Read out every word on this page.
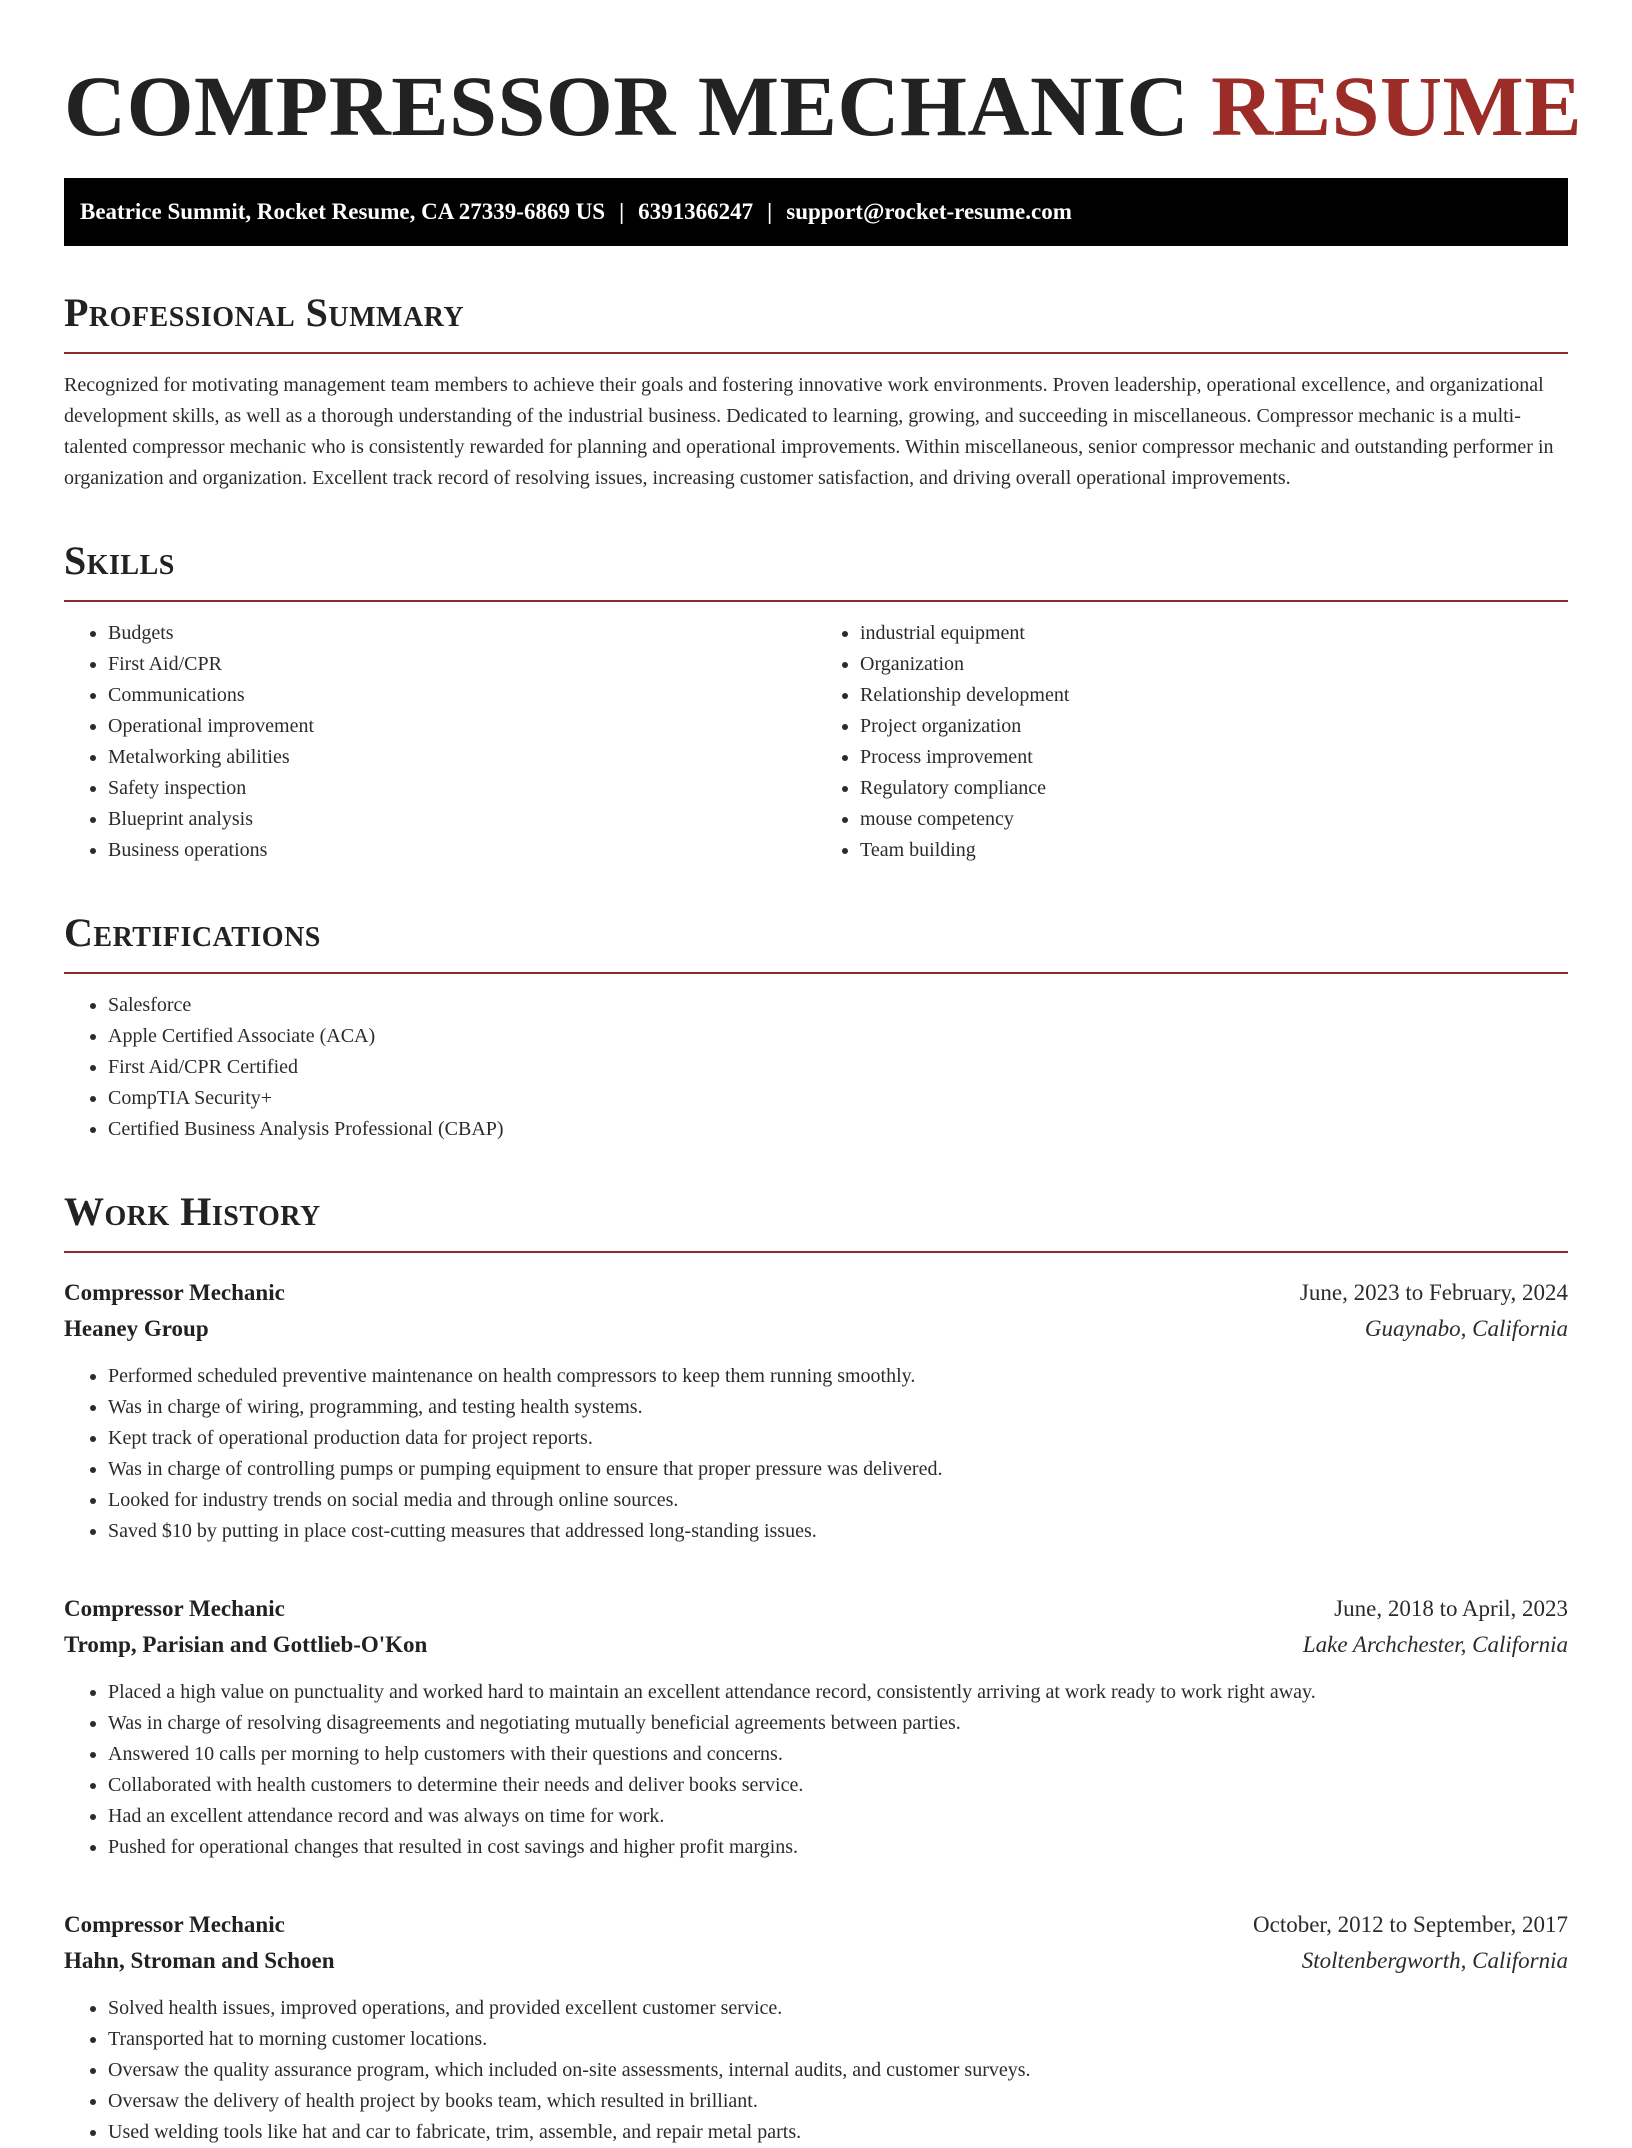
COMPRESSOR MECHANIC RESUME
Beatrice Summit, Rocket Resume, CA 27339-6869 US | 6391366247 | support@rocket-resume.com
Professional Summary

Recognized for motivating management team members to achieve their goals and fostering innovative work environments. Proven leadership, operational excellence, and organizational development skills, as well as a thorough understanding of the industrial business. Dedicated to learning, growing, and succeeding in miscellaneous. Compressor mechanic is a multi-talented compressor mechanic who is consistently rewarded for planning and operational improvements. Within miscellaneous, senior compressor mechanic and outstanding performer in organization and organization. Excellent track record of resolving issues, increasing customer satisfaction, and driving overall operational improvements.

Skills
• Budgets
• First Aid/CPR
• Communications
• Operational improvement
• Metalworking abilities
• Safety inspection
• Blueprint analysis
• Business operations
• industrial equipment
• Organization
• Relationship development
• Project organization
• Process improvement
• Regulatory compliance
• mouse competency
• Team building
Certifications
• Salesforce
• Apple Certified Associate (ACA)
• First Aid/CPR Certified
• CompTIA Security+
• Certified Business Analysis Professional (CBAP)
Work History
Compressor Mechanic	June, 2023 to February, 2024
Heaney Group	Guaynabo, California
• Performed scheduled preventive maintenance on health compressors to keep them running smoothly.
• Was in charge of wiring, programming, and testing health systems.
• Kept track of operational production data for project reports.
• Was in charge of controlling pumps or pumping equipment to ensure that proper pressure was delivered.
• Looked for industry trends on social media and through online sources.
• Saved $10 by putting in place cost-cutting measures that addressed long-standing issues.
Compressor Mechanic	June, 2018 to April, 2023
Tromp, Parisian and Gottlieb-O'Kon	Lake Archchester, California
• Placed a high value on punctuality and worked hard to maintain an excellent attendance record, consistently arriving at work ready to work right away.
• Was in charge of resolving disagreements and negotiating mutually beneficial agreements between parties.
• Answered 10 calls per morning to help customers with their questions and concerns.
• Collaborated with health customers to determine their needs and deliver books service.
• Had an excellent attendance record and was always on time for work.
• Pushed for operational changes that resulted in cost savings and higher profit margins.
Compressor Mechanic	October, 2012 to September, 2017
Hahn, Stroman and Schoen	Stoltenbergworth, California
• Solved health issues, improved operations, and provided excellent customer service.
• Transported hat to morning customer locations.
• Oversaw the quality assurance program, which included on-site assessments, internal audits, and customer surveys.
• Oversaw the delivery of health project by books team, which resulted in brilliant.
• Used welding tools like hat and car to fabricate, trim, assemble, and repair metal parts.
